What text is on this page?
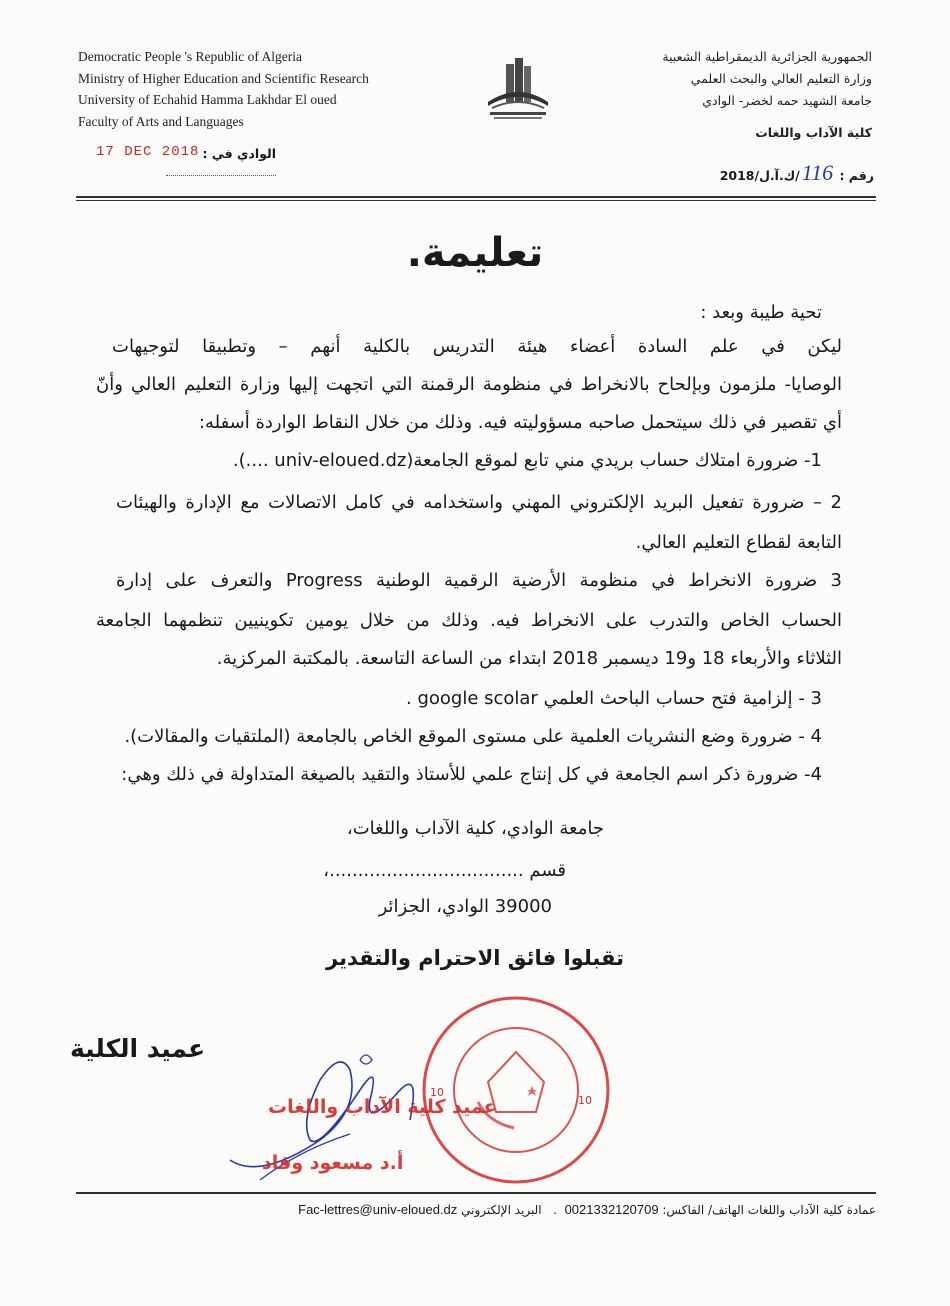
Democratic People 's Republic of Algeria
Ministry of Higher Education and Scientific Research
University of Echahid Hamma Lakhdar El oued
Faculty of Arts and Languages
الجمهورية الجزائرية الديمقراطية الشعبية
وزارة التعليم العالي والبحث العلمي
جامعة الشهيد حمه لخضر- الوادي
كلية الآداب واللغات
الوادي في :
17 DEC 2018
رقم : 116/ك.آ.ل/2018
تعليمة.
تحية طيبة وبعد :
ليكن في علم السادة أعضاء هيئة التدريس بالكلية أنهم – وتطبيقا لتوجيهات
الوصايا- ملزمون وبإلحاح بالانخراط في منظومة الرقمنة التي اتجهت إليها وزارة التعليم العالي وأنّ
أي تقصير في ذلك سيتحمل صاحبه مسؤوليته فيه. وذلك من خلال النقاط الواردة أسفله:
1- ضرورة امتلاك حساب بريدي مني تابع لموقع الجامعة(univ-eloued.dz ....).
2 – ضرورة تفعيل البريد الإلكتروني المهني واستخدامه في كامل الاتصالات مع الإدارة والهيئات
التابعة لقطاع التعليم العالي.
3 ضرورة الانخراط في منظومة الأرضية الرقمية الوطنية Progress والتعرف على إدارة
الحساب الخاص والتدرب على الانخراط فيه. وذلك من خلال يومين تكوينيين تنظمهما الجامعة
الثلاثاء والأربعاء 18 و19 ديسمبر 2018 ابتداء من الساعة التاسعة. بالمكتبة المركزية.
3 - إلزامية فتح حساب الباحث العلمي google scolar .
4 - ضرورة وضع النشريات العلمية على مستوى الموقع الخاص بالجامعة (الملتقيات والمقالات).
4- ضرورة ذكر اسم الجامعة في كل إنتاج علمي للأستاذ والتقيد بالصيغة المتداولة في ذلك وهي:
جامعة الوادي، كلية الآداب واللغات،
قسم ..................................،
39000 الوادي، الجزائر
تقبلوا فائق الاحترام والتقدير
عميد الكلية
10
10
عميد كلية الآداب واللغات
أ.د مسعود وقاد
عمادة كلية الآداب واللغات الهاتف/ الفاكس: 0021332120709  .   البريد الإلكتروني Fac-lettres@univ-eloued.dz
